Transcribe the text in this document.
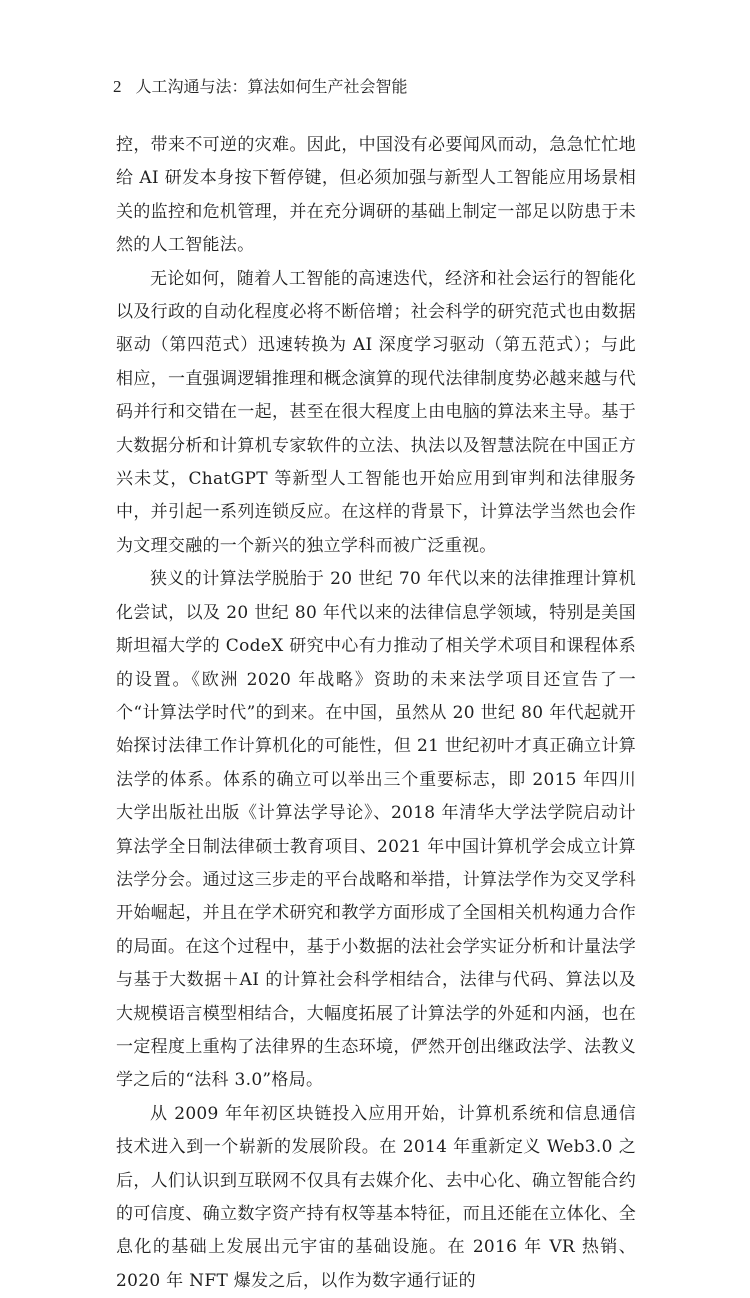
2 人工沟通与法：算法如何生产社会智能

控，带来不可逆的灾难。因此，中国没有必要闻风而动，急急忙忙地给 AI 研发本身按下暂停键，但必须加强与新型人工智能应用场景相关的监控和危机管理，并在充分调研的基础上制定一部足以防患于未然的人工智能法。

无论如何，随着人工智能的高速迭代，经济和社会运行的智能化以及行政的自动化程度必将不断倍增；社会科学的研究范式也由数据驱动（第四范式）迅速转换为 AI 深度学习驱动（第五范式）；与此相应，一直强调逻辑推理和概念演算的现代法律制度势必越来越与代码并行和交错在一起，甚至在很大程度上由电脑的算法来主导。基于大数据分析和计算机专家软件的立法、执法以及智慧法院在中国正方兴未艾，ChatGPT 等新型人工智能也开始应用到审判和法律服务中，并引起一系列连锁反应。在这样的背景下，计算法学当然也会作为文理交融的一个新兴的独立学科而被广泛重视。

狭义的计算法学脱胎于 20 世纪 70 年代以来的法律推理计算机化尝试，以及 20 世纪 80 年代以来的法律信息学领域，特别是美国斯坦福大学的 CodeX 研究中心有力推动了相关学术项目和课程体系的设置。《欧洲 2020 年战略》资助的未来法学项目还宣告了一个“计算法学时代”的到来。在中国，虽然从 20 世纪 80 年代起就开始探讨法律工作计算机化的可能性，但 21 世纪初叶才真正确立计算法学的体系。体系的确立可以举出三个重要标志，即 2015 年四川大学出版社出版《计算法学导论》、2018 年清华大学法学院启动计算法学全日制法律硕士教育项目、2021 年中国计算机学会成立计算法学分会。通过这三步走的平台战略和举措，计算法学作为交叉学科开始崛起，并且在学术研究和教学方面形成了全国相关机构通力合作的局面。在这个过程中，基于小数据的法社会学实证分析和计量法学与基于大数据＋AI 的计算社会科学相结合，法律与代码、算法以及大规模语言模型相结合，大幅度拓展了计算法学的外延和内涵，也在一定程度上重构了法律界的生态环境，俨然开创出继政法学、法教义学之后的“法科 3.0”格局。

从 2009 年年初区块链投入应用开始，计算机系统和信息通信技术进入到一个崭新的发展阶段。在 2014 年重新定义 Web3.0 之后，人们认识到互联网不仅具有去媒介化、去中心化、确立智能合约的可信度、确立数字资产持有权等基本特征，而且还能在立体化、全息化的基础上发展出元宇宙的基础设施。在 2016 年 VR 热销、2020 年 NFT 爆发之后，以作为数字通行证的
